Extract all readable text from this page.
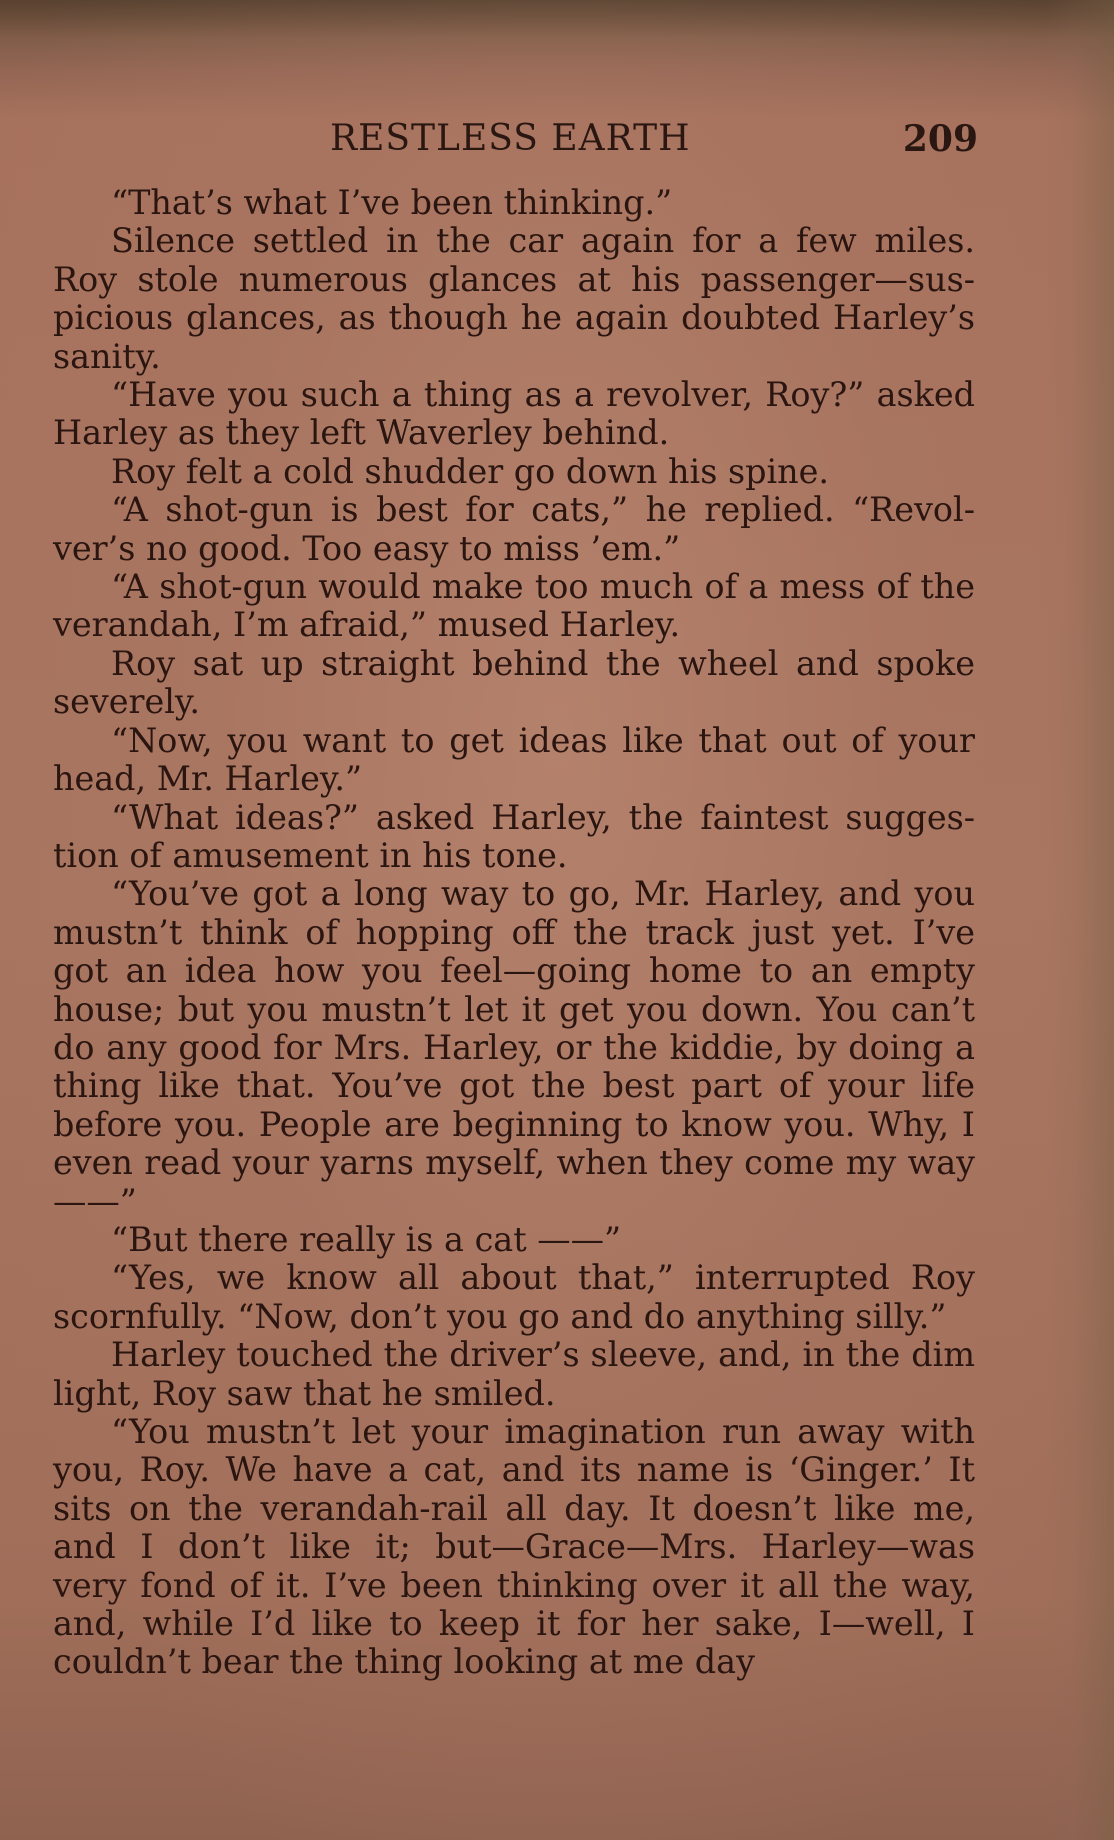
RESTLESS EARTH	209

“That’s what I’ve been thinking.”

Silence settled in the car again for a few miles. Roy stole numerous glances at his passenger—sus-picious glances, as though he again doubted Harley’s sanity.

“Have you such a thing as a revolver, Roy?” asked Harley as they left Waverley behind.

Roy felt a cold shudder go down his spine.

“A shot-gun is best for cats,” he replied. “Revol-ver’s no good. Too easy to miss ’em.”

“A shot-gun would make too much of a mess of the verandah, I’m afraid,” mused Harley.

Roy sat up straight behind the wheel and spoke severely.

“Now, you want to get ideas like that out of your head, Mr. Harley.”

“What ideas?” asked Harley, the faintest sugges-tion of amusement in his tone.

“You’ve got a long way to go, Mr. Harley, and you mustn’t think of hopping off the track just yet. I’ve got an idea how you feel—going home to an empty house; but you mustn’t let it get you down. You can’t do any good for Mrs. Harley, or the kiddie, by doing a thing like that. You’ve got the best part of your life before you. People are beginning to know you. Why, I even read your yarns myself, when they come my way——”

“But there really is a cat ——”

“Yes, we know all about that,” interrupted Roy scornfully. “Now, don’t you go and do anything silly.”

Harley touched the driver’s sleeve, and, in the dim light, Roy saw that he smiled.

“You mustn’t let your imagination run away with you, Roy. We have a cat, and its name is ‘Ginger.’ It sits on the verandah-rail all day. It doesn’t like me, and I don’t like it; but—Grace—Mrs. Harley—was very fond of it. I’ve been thinking over it all the way, and, while I’d like to keep it for her sake, I—well, I couldn’t bear the thing looking at me day
